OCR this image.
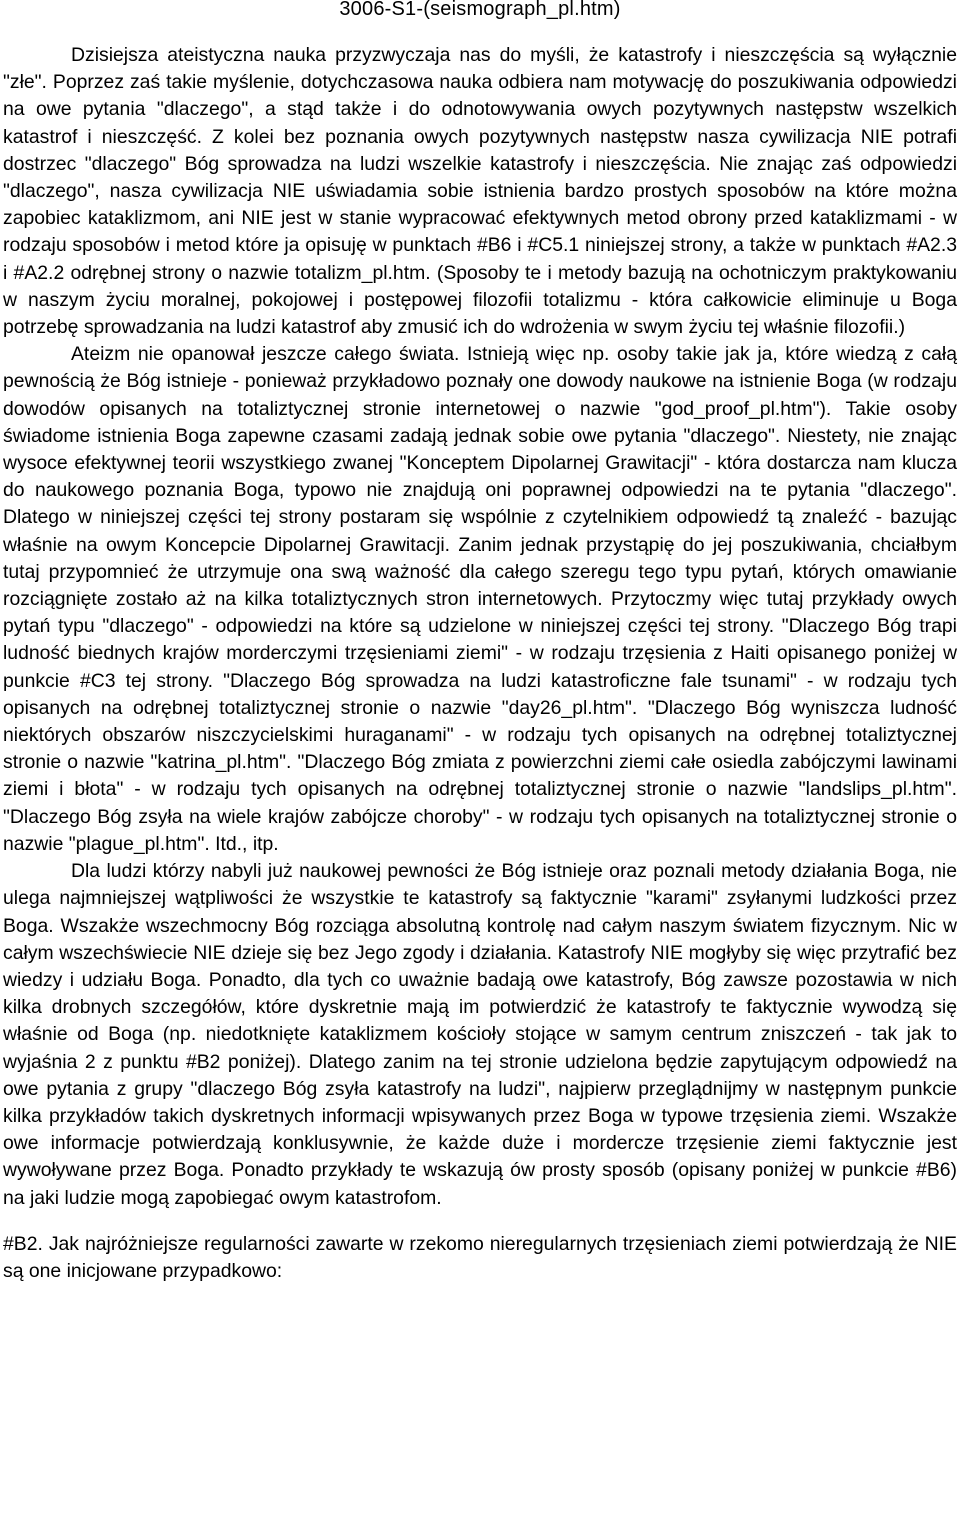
3006-S1-(seismograph_pl.htm)

Dzisiejsza ateistyczna nauka przyzwyczaja nas do myśli, że katastrofy i nieszczęścia są wyłącznie "złe". Poprzez zaś takie myślenie, dotychczasowa nauka odbiera nam motywację do poszukiwania odpowiedzi na owe pytania "dlaczego", a stąd także i do odnotowywania owych pozytywnych następstw wszelkich katastrof i nieszczęść. Z kolei bez poznania owych pozytywnych następstw nasza cywilizacja NIE potrafi dostrzec "dlaczego" Bóg sprowadza na ludzi wszelkie katastrofy i nieszczęścia. Nie znając zaś odpowiedzi "dlaczego", nasza cywilizacja NIE uświadamia sobie istnienia bardzo prostych sposobów na które można zapobiec kataklizmom, ani NIE jest w stanie wypracować efektywnych metod obrony przed kataklizmami - w rodzaju sposobów i metod które ja opisuję w punktach #B6 i #C5.1 niniejszej strony, a także w punktach #A2.3 i #A2.2 odrębnej strony o nazwie totalizm_pl.htm. (Sposoby te i metody bazują na ochotniczym praktykowaniu w naszym życiu moralnej, pokojowej i postępowej filozofii totalizmu - która całkowicie eliminuje u Boga potrzebę sprowadzania na ludzi katastrof aby zmusić ich do wdrożenia w swym życiu tej właśnie filozofii.)

Ateizm nie opanował jeszcze całego świata. Istnieją więc np. osoby takie jak ja, które wiedzą z całą pewnością że Bóg istnieje - ponieważ przykładowo poznały one dowody naukowe na istnienie Boga (w rodzaju dowodów opisanych na totaliztycznej stronie internetowej o nazwie "god_proof_pl.htm"). Takie osoby świadome istnienia Boga zapewne czasami zadają jednak sobie owe pytania "dlaczego". Niestety, nie znając wysoce efektywnej teorii wszystkiego zwanej "Konceptem Dipolarnej Grawitacji" - która dostarcza nam klucza do naukowego poznania Boga, typowo nie znajdują oni poprawnej odpowiedzi na te pytania "dlaczego". Dlatego w niniejszej części tej strony postaram się wspólnie z czytelnikiem odpowiedź tą znaleźć - bazując właśnie na owym Koncepcie Dipolarnej Grawitacji. Zanim jednak przystąpię do jej poszukiwania, chciałbym tutaj przypomnieć że utrzymuje ona swą ważność dla całego szeregu tego typu pytań, których omawianie rozciągnięte zostało aż na kilka totaliztycznych stron internetowych. Przytoczmy więc tutaj przykłady owych pytań typu "dlaczego" - odpowiedzi na które są udzielone w niniejszej części tej strony. "Dlaczego Bóg trapi ludność biednych krajów morderczymi trzęsieniami ziemi" - w rodzaju trzęsienia z Haiti opisanego poniżej w punkcie #C3 tej strony. "Dlaczego Bóg sprowadza na ludzi katastroficzne fale tsunami" - w rodzaju tych opisanych na odrębnej totaliztycznej stronie o nazwie "day26_pl.htm". "Dlaczego Bóg wyniszcza ludność niektórych obszarów niszczycielskimi huraganami" - w rodzaju tych opisanych na odrębnej totaliztycznej stronie o nazwie "katrina_pl.htm". "Dlaczego Bóg zmiata z powierzchni ziemi całe osiedla zabójczymi lawinami ziemi i błota" - w rodzaju tych opisanych na odrębnej totaliztycznej stronie o nazwie "landslips_pl.htm". "Dlaczego Bóg zsyła na wiele krajów zabójcze choroby" - w rodzaju tych opisanych na totaliztycznej stronie o nazwie "plague_pl.htm". Itd., itp.

Dla ludzi którzy nabyli już naukowej pewności że Bóg istnieje oraz poznali metody działania Boga, nie ulega najmniejszej wątpliwości że wszystkie te katastrofy są faktycznie "karami" zsyłanymi ludzkości przez Boga. Wszakże wszechmocny Bóg rozciąga absolutną kontrolę nad całym naszym światem fizycznym. Nic w całym wszechświecie NIE dzieje się bez Jego zgody i działania. Katastrofy NIE mogłyby się więc przytrafić bez wiedzy i udziału Boga. Ponadto, dla tych co uważnie badają owe katastrofy, Bóg zawsze pozostawia w nich kilka drobnych szczegółów, które dyskretnie mają im potwierdzić że katastrofy te faktycznie wywodzą się właśnie od Boga (np. niedotknięte kataklizmem kościoły stojące w samym centrum zniszczeń - tak jak to wyjaśnia 2 z punktu #B2 poniżej). Dlatego zanim na tej stronie udzielona będzie zapytującym odpowiedź na owe pytania z grupy "dlaczego Bóg zsyła katastrofy na ludzi", najpierw przeglądnijmy w następnym punkcie kilka przykładów takich dyskretnych informacji wpisywanych przez Boga w typowe trzęsienia ziemi. Wszakże owe informacje potwierdzają konklusywnie, że każde duże i mordercze trzęsienie ziemi faktycznie jest wywoływane przez Boga. Ponadto przykłady te wskazują ów prosty sposób (opisany poniżej w punkcie #B6) na jaki ludzie mogą zapobiegać owym katastrofom.

#B2. Jak najróżniejsze regularności zawarte w rzekomo nieregularnych trzęsieniach ziemi potwierdzają że NIE są one inicjowane przypadkowo:
